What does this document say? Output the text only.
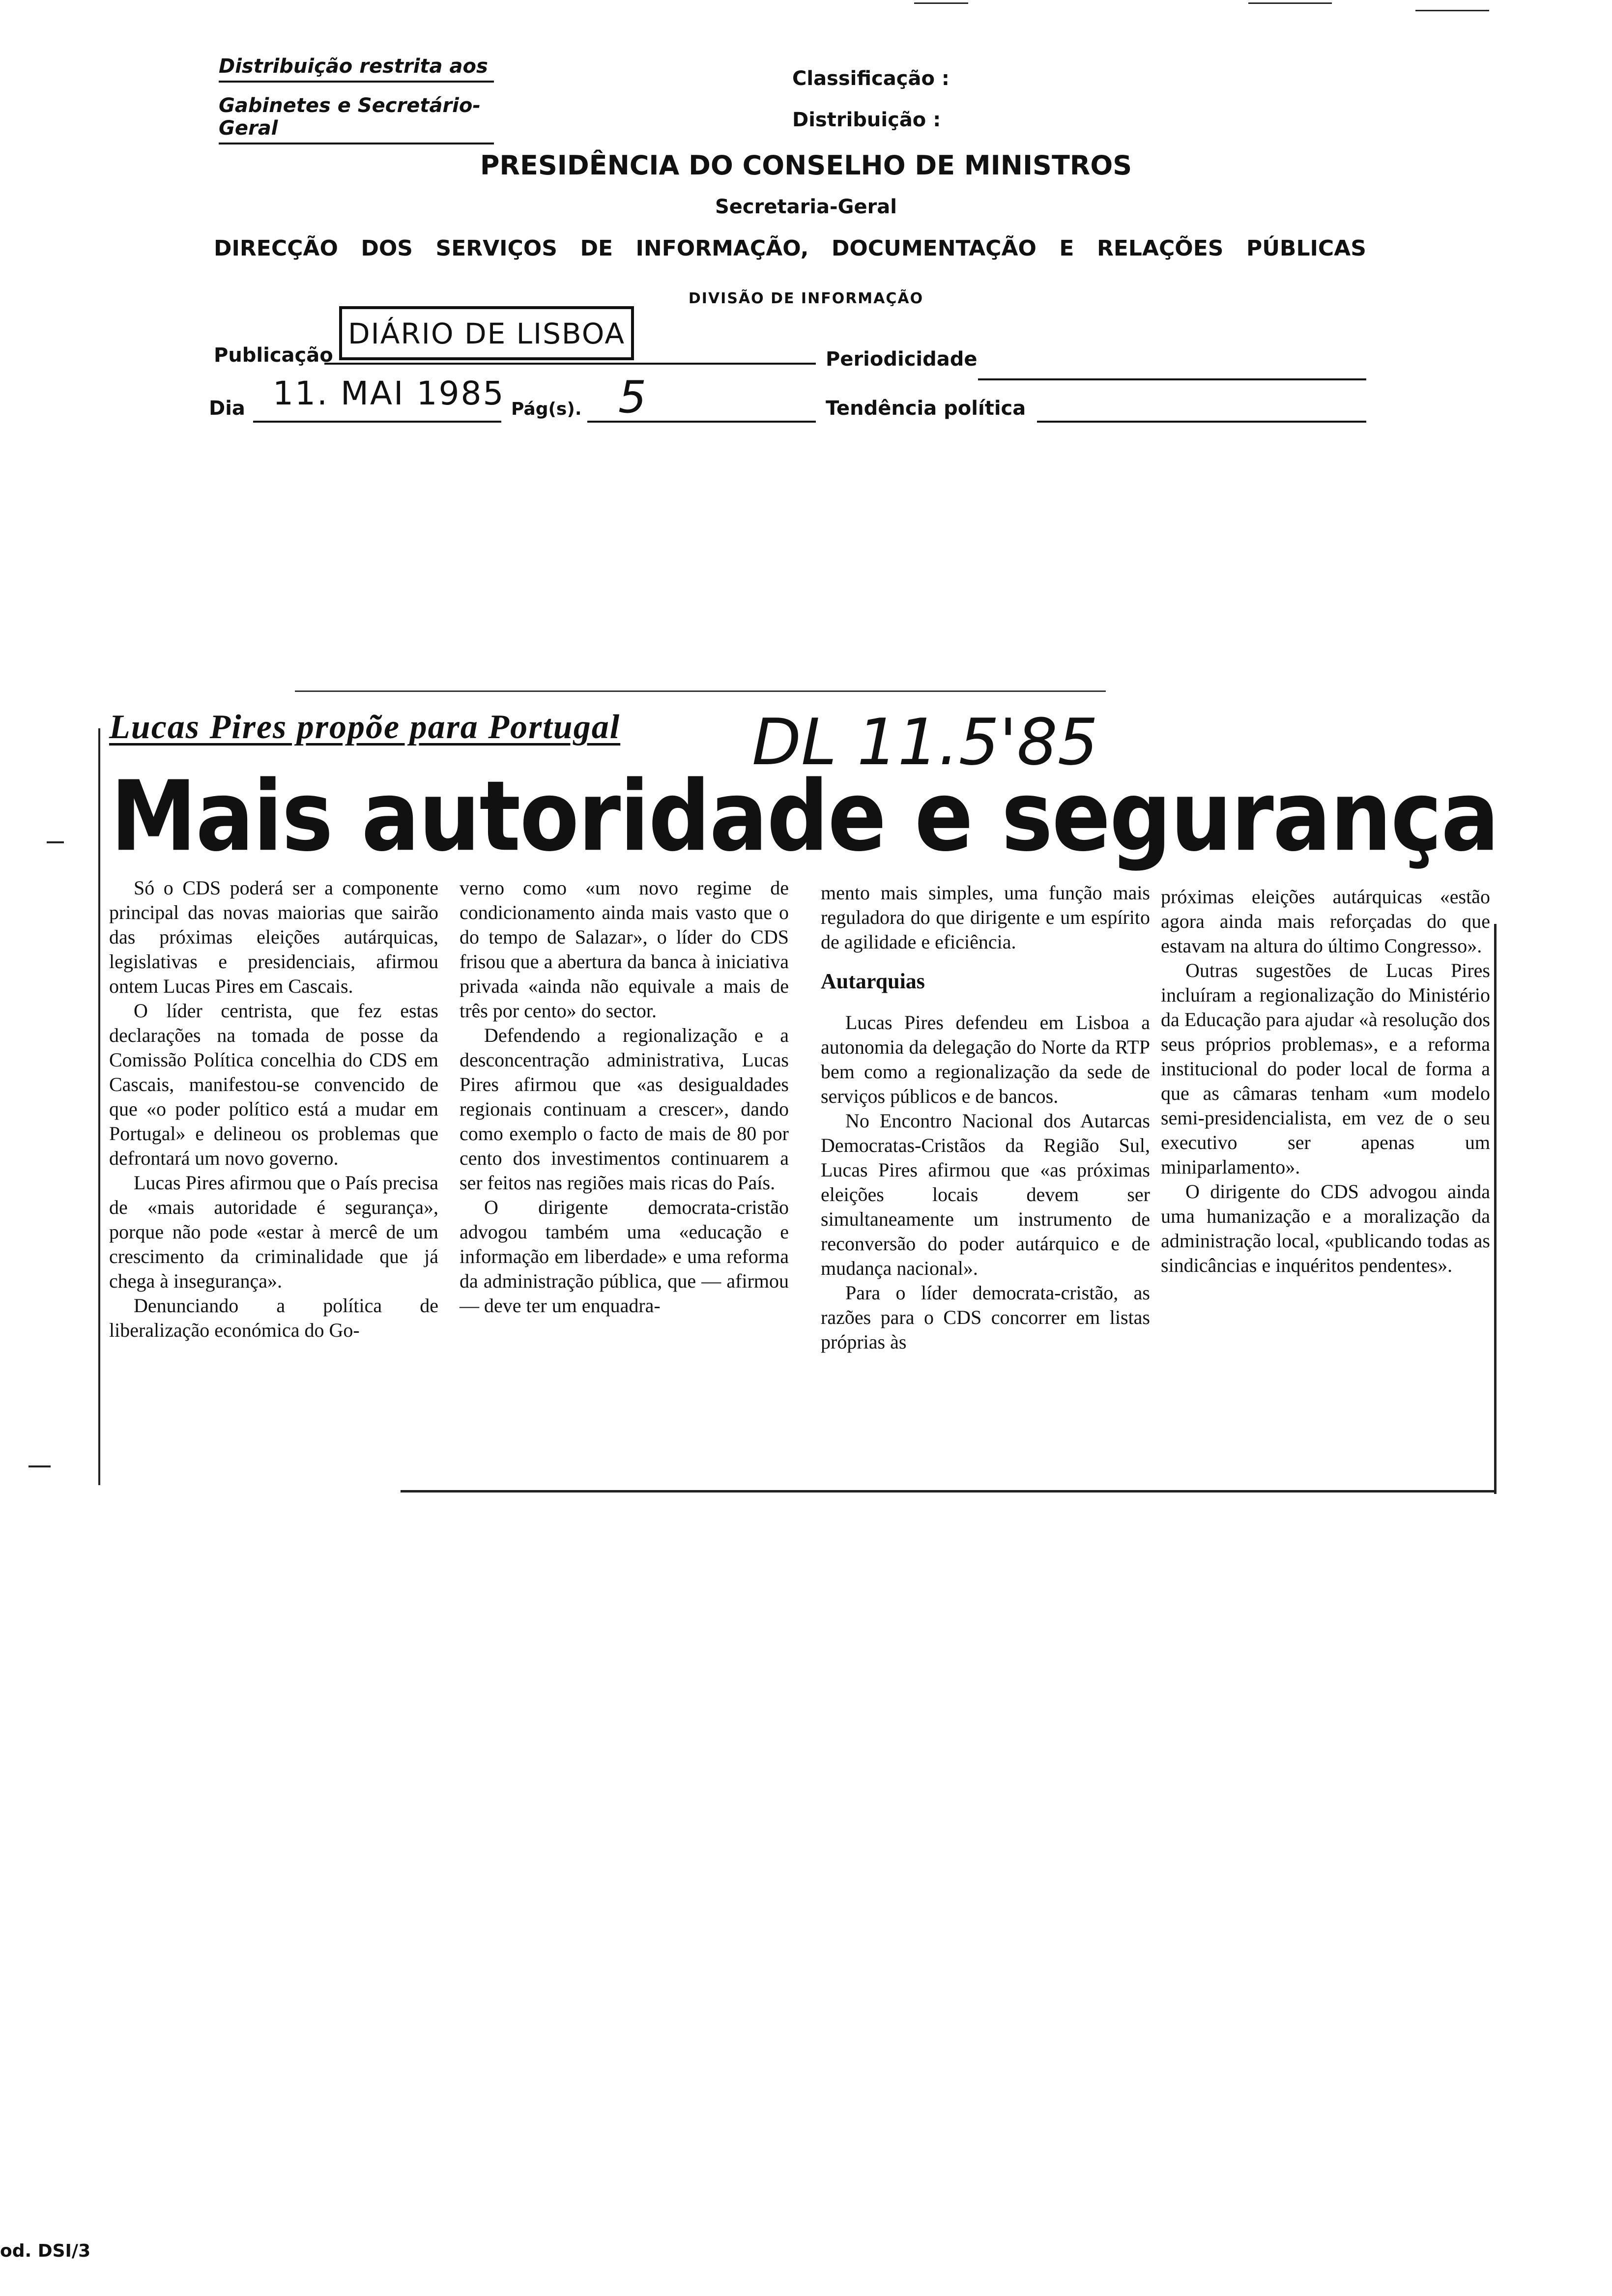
Distribuição restrita aos
Gabinetes e Secretário-Geral
Classificação :
Distribuição :
PRESIDÊNCIA DO CONSELHO DE MINISTROS
Secretaria-Geral
DIRECÇÃO DOS SERVIÇOS DE INFORMAÇÃO, DOCUMENTAÇÃO E RELAÇÕES PÚBLICAS
DIVISÃO DE INFORMAÇÃO
Publicação
DIÁRIO DE LISBOA
Periodicidade
Dia 11. MAI 1985 Pág(s). 5	Tendência política
Lucas Pires propõe para Portugal DL 11.5'85
Mais autoridade e segurança

Só o CDS poderá ser a componente principal das novas maiorias que sairão das próximas eleições autárquicas, legislativas e presidenciais, afirmou ontem Lucas Pires em Cascais.

O líder centrista, que fez estas declarações na tomada de posse da Comissão Política concelhia do CDS em Cascais, manifestou-se convencido de que «o poder político está a mudar em Portugal» e delineou os problemas que defrontará um novo governo.

Lucas Pires afirmou que o País precisa de «mais autoridade é segurança», porque não pode «estar à mercê de um crescimento da criminalidade que já chega à insegurança».

Denunciando a política de liberalização económica do Go-

verno como «um novo regime de condicionamento ainda mais vasto que o do tempo de Salazar», o líder do CDS frisou que a abertura da banca à iniciativa privada «ainda não equivale a mais de três por cento» do sector.

Defendendo a regionalização e a desconcentração administrativa, Lucas Pires afirmou que «as desigualdades regionais continuam a crescer», dando como exemplo o facto de mais de 80 por cento dos investimentos continuarem a ser feitos nas regiões mais ricas do País.

O dirigente democrata-cristão advogou também uma «educação e informação em liberdade» e uma reforma da administração pública, que — afirmou — deve ter um enquadra-

mento mais simples, uma função mais reguladora do que dirigente e um espírito de agilidade e eficiência.

Autarquias

Lucas Pires defendeu em Lisboa a autonomia da delegação do Norte da RTP bem como a regionalização da sede de serviços públicos e de bancos.

No Encontro Nacional dos Autarcas Democratas-Cristãos da Região Sul, Lucas Pires afirmou que «as próximas eleições locais devem ser simultaneamente um instrumento de reconversão do poder autárquico e de mudança nacional».

Para o líder democrata-cristão, as razões para o CDS concorrer em listas próprias às

próximas eleições autárquicas «estão agora ainda mais reforçadas do que estavam na altura do último Congresso».

Outras sugestões de Lucas Pires incluíram a regionalização do Ministério da Educação para ajudar «à resolução dos seus próprios problemas», e a reforma institucional do poder local de forma a que as câmaras tenham «um modelo semi-presidencialista, em vez de o seu executivo ser apenas um miniparlamento».

O dirigente do CDS advogou ainda uma humanização e a moralização da administração local, «publicando todas as sindicâncias e inquéritos pendentes».

od. DSI/3
